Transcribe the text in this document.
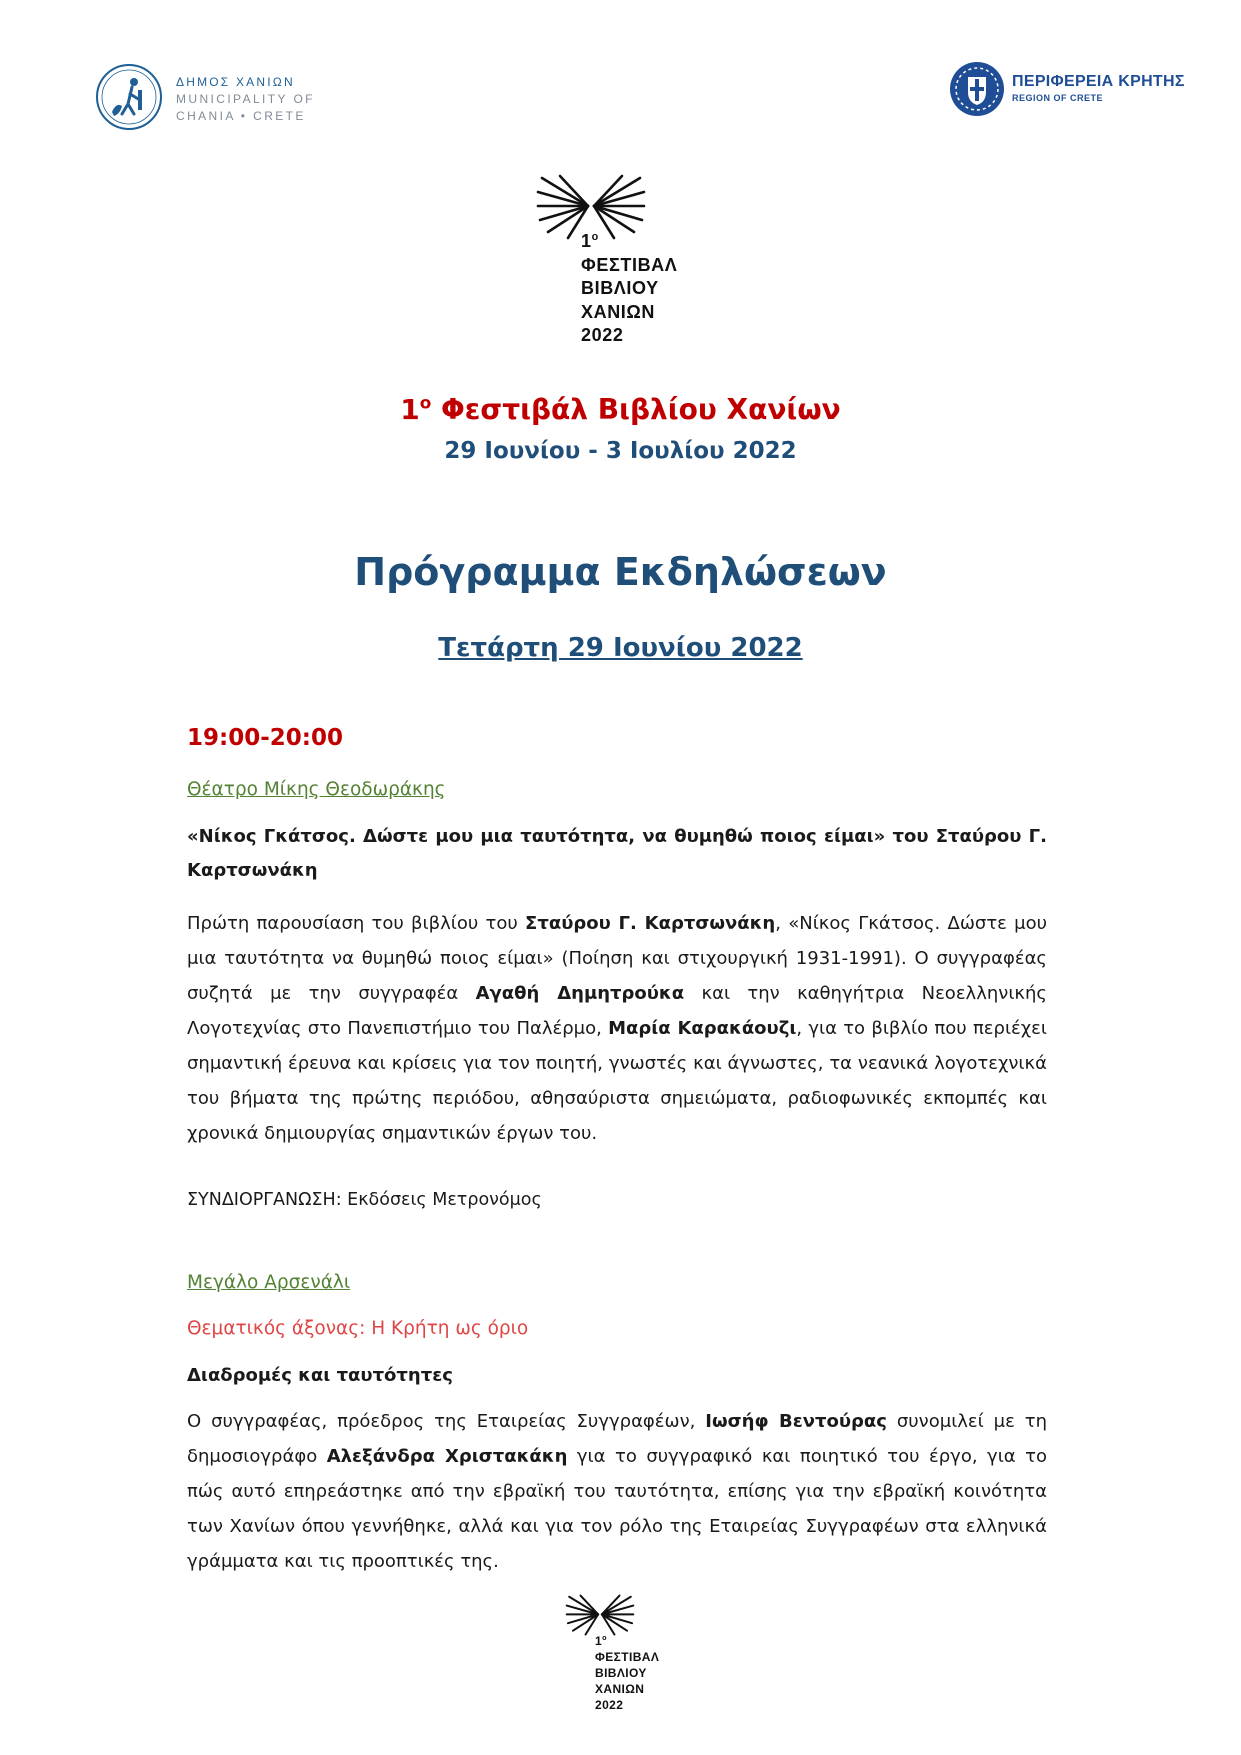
ΔΗΜΟΣ ΧΑΝΙΩΝ
MUNICIPALITY OF
CHANIA • CRETE
ΠΕΡΙΦΕΡΕΙΑ ΚΡΗΤΗΣ
REGION OF CRETE
$1^o$
ΦΕΣΤΙΒΑΛ
ΒΙΒΛΙΟΥ
ΧΑΝΙΩΝ
2022
$1^o$ Φεστιβάλ Βιβλίου Χανίων
29 Ιουνίου - 3 Ιουλίου 2022
Πρόγραμμα Εκδηλώσεων
Τετάρτη 29 Ιουνίου 2022
19:00-20:00
Θέατρο Μίκης Θεοδωράκης
«Νίκος Γκάτσος. Δώστε μου μια ταυτότητα, να θυμηθώ ποιος είμαι» του Σταύρου Γ. Καρτσωνάκη
Πρώτη παρουσίαση του βιβλίου του Σταύρου Γ. Καρτσωνάκη, «Νίκος Γκάτσος. Δώστε μου μια ταυτότητα να θυμηθώ ποιος είμαι» (Ποίηση και στιχουργική 1931-1991). Ο συγγραφέας συζητά με την συγγραφέα Αγαθή Δημητρούκα και την καθηγήτρια Νεοελληνικής Λογοτεχνίας στο Πανεπιστήμιο του Παλέρμο, Μαρία Καρακάουζι, για το βιβλίο που περιέχει σημαντική έρευνα και κρίσεις για τον ποιητή, γνωστές και άγνωστες, τα νεανικά λογοτεχνικά του βήματα της πρώτης περιόδου, αθησαύριστα σημειώματα, ραδιοφωνικές εκπομπές και χρονικά δημιουργίας σημαντικών έργων του.
ΣΥΝΔΙΟΡΓΑΝΩΣΗ: Εκδόσεις Μετρονόμος
Μεγάλο Αρσενάλι
Θεματικός άξονας: Η Κρήτη ως όριο
Διαδρομές και ταυτότητες
Ο συγγραφέας, πρόεδρος της Εταιρείας Συγγραφέων, Ιωσήφ Βεντούρας συνομιλεί με τη δημοσιογράφο Αλεξάνδρα Χριστακάκη για το συγγραφικό και ποιητικό του έργο, για το πώς αυτό επηρεάστηκε από την εβραϊκή του ταυτότητα, επίσης για την εβραϊκή κοινότητα των Χανίων όπου γεννήθηκε, αλλά και για τον ρόλο της Εταιρείας Συγγραφέων στα ελληνικά γράμματα και τις προοπτικές της.
$1^o$
ΦΕΣΤΙΒΑΛ
ΒΙΒΛΙΟΥ
ΧΑΝΙΩΝ
2022
